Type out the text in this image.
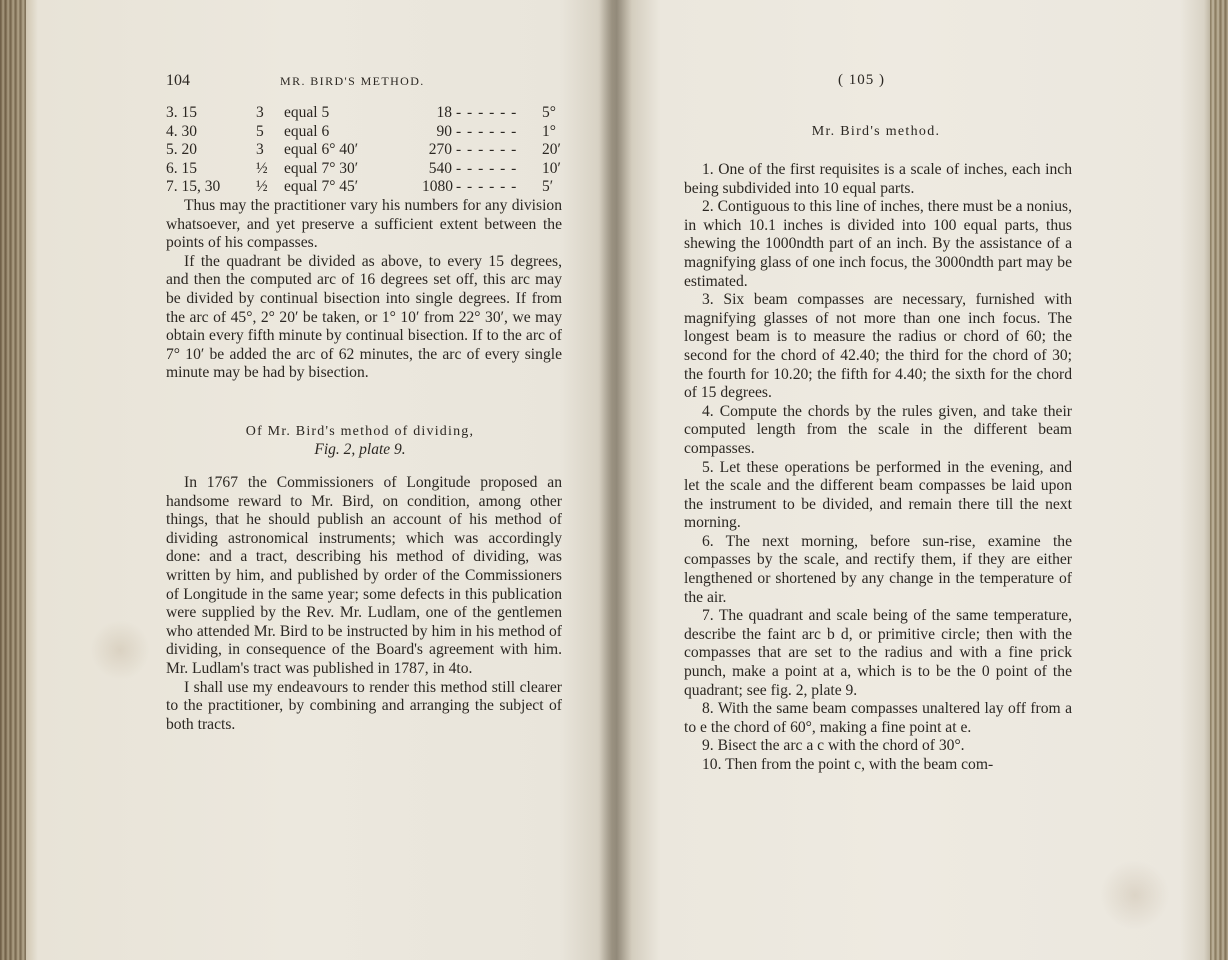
104	MR. BIRD'S METHOD.
3. 15	3 equal 5	18 - - - - - - 5°
4. 30	5 equal 6	90 - - - - - - 1°
5. 20	3 equal 6° 40′	270 - - - - - - 20′
6. 15	½ equal 7° 30′	540 - - - - - - 10′
7. 15, 30 ½ equal 7° 45′	1080 - - - - - - 5′

Thus may the practitioner vary his numbers for any division whatsoever, and yet preserve a sufficient extent between the points of his compasses.

If the quadrant be divided as above, to every 15 degrees, and then the computed arc of 16 degrees set off, this arc may be divided by continual bisection into single degrees. If from the arc of 45°, 2° 20′ be taken, or 1° 10′ from 22° 30′, we may obtain every fifth minute by continual bisection. If to the arc of 7° 10′ be added the arc of 62 minutes, the arc of every single minute may be had by bisection.

Of Mr. Bird's method of dividing,
Fig. 2, plate 9.

In 1767 the Commissioners of Longitude proposed an handsome reward to Mr. Bird, on condition, among other things, that he should publish an account of his method of dividing astronomical instruments; which was accordingly done: and a tract, describing his method of dividing, was written by him, and published by order of the Commissioners of Longitude in the same year; some defects in this publication were supplied by the Rev. Mr. Ludlam, one of the gentlemen who attended Mr. Bird to be instructed by him in his method of dividing, in consequence of the Board's agreement with him. Mr. Ludlam's tract was published in 1787, in 4to.

I shall use my endeavours to render this method still clearer to the practitioner, by combining and arranging the subject of both tracts.

( 105 )
Mr. Bird's method.

1. One of the first requisites is a scale of inches, each inch being subdivided into 10 equal parts.

2. Contiguous to this line of inches, there must be a nonius, in which 10.1 inches is divided into 100 equal parts, thus shewing the 1000ndth part of an inch. By the assistance of a magnifying glass of one inch focus, the 3000ndth part may be estimated.

3. Six beam compasses are necessary, furnished with magnifying glasses of not more than one inch focus. The longest beam is to measure the radius or chord of 60; the second for the chord of 42.40; the third for the chord of 30; the fourth for 10.20; the fifth for 4.40; the sixth for the chord of 15 degrees.

4. Compute the chords by the rules given, and take their computed length from the scale in the different beam compasses.

5. Let these operations be performed in the evening, and let the scale and the different beam compasses be laid upon the instrument to be divided, and remain there till the next morning.

6. The next morning, before sun-rise, examine the compasses by the scale, and rectify them, if they are either lengthened or shortened by any change in the temperature of the air.

7. The quadrant and scale being of the same temperature, describe the faint arc b d, or primitive circle; then with the compasses that are set to the radius and with a fine prick punch, make a point at a, which is to be the 0 point of the quadrant; see fig. 2, plate 9.

8. With the same beam compasses unaltered lay off from a to e the chord of 60°, making a fine point at e.

9. Bisect the arc a c with the chord of 30°.

10. Then from the point c, with the beam com-
